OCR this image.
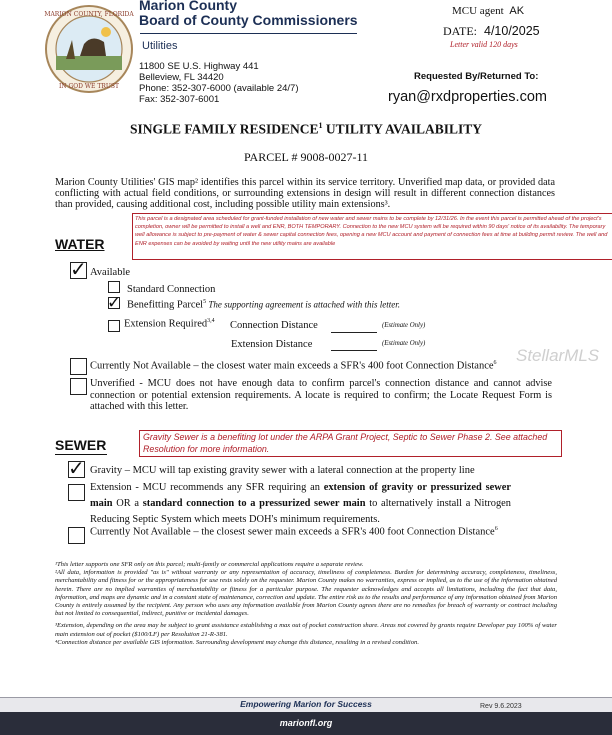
MARION COUNTY, FLORIDA
IN GOD WE TRUST
Marion County
Board of County Commissioners
Utilities
11800 SE U.S. Highway 441
Belleview, FL 34420
Phone: 352-307-6000 (available 24/7)
Fax: 352-307-6001
MCU agent AK
DATE: 4/10/2025
Letter valid 120 days
Requested By/Returned To:
ryan@rxdproperties.com
SINGLE FAMILY RESIDENCE$^1$ UTILITY AVAILABILITY
PARCEL # 9008-0027-11
Marion County Utilities' GIS map² identifies this parcel within its service territory. Unverified map data, or provided data conflicting with actual field conditions, or surrounding extensions in design will result in different connection distances than provided, causing additional cost, including possible utility main extensions³.
This parcel is a designated area scheduled for grant-funded installation of new water and sewer mains to be complete by 12/31/26. In the event this parcel is permitted ahead of the project's completion, owner will be permitted to install a well and ENR, BOTH TEMPORARY. Connection to the new MCU system will be required within 90 days' notice of its availability. The temporary well allowance is subject to pre-payment of water & sewer capital connection fees, opening a new MCU account and payment of connection fees at time at building permit review. The well and ENR expenses can be avoided by waiting until the new utility mains are available
WATER
✓ Available
Standard Connection
✓ Benefitting Parcel$^5$ The supporting agreement is attached with this letter.
Extension Required$^{3,4}$ Connection Distance	(Estimate Only)
Extension Distance	(Estimate Only)
Currently Not Available – the closest water main exceeds a SFR's 400 foot Connection Distance$^6$ StellarMLS
Unverified - MCU does not have enough data to confirm parcel's connection distance and cannot advise connection or potential extension requirements. A locate is required to confirm; the Locate Request Form is attached with this letter.
SEWER	Gravity Sewer is a benefiting lot under the ARPA Grant Project, Septic to Sewer Phase 2. See attached Resolution for more information.
✓ Gravity – MCU will tap existing gravity sewer with a lateral connection at the property line
Extension - MCU recommends any SFR requiring an extension of gravity or pressurized sewer main OR a standard connection to a pressurized sewer main to alternatively install a Nitrogen Reducing Septic System which meets DOH's minimum requirements.
Currently Not Available – the closest sewer main exceeds a SFR's 400 foot Connection Distance$^6$
¹This letter supports one SFR only on this parcel; multi-family or commercial applications require a separate review.
²All data, information is provided "as is" without warranty or any representation of accuracy, timeliness of completeness. Burden for determining accuracy, completeness, timeliness, merchantability and fitness for or the appropriateness for use rests solely on the requester. Marion County makes no warranties, express or implied, as to the use of the information obtained herein. There are no implied warranties of merchantability or fitness for a particular purpose. The requester acknowledges and accepts all limitations, including the fact that data, information, and maps are dynamic and in a constant state of maintenance, correction and update. The entire risk as to the results and performance of any information obtained from Marion County is entirely assumed by the recipient. Any person who uses any information available from Marion County agrees there are no remedies for breach of warranty or contract including but not limited to consequential, indirect, punitive or incidental damages.
³Extension, depending on the area may be subject to grant assistance establishing a max out of pocket construction share. Areas not covered by grants require Developer pay 100% of water main extension out of pocket ($100/LF) per Resolution 21-R-381.
⁴Connection distance per available GIS information. Surrounding development may change this distance, resulting in a revised condition.
Empowering Marion for Success	Rev 9.6.2023
marionfl.org
